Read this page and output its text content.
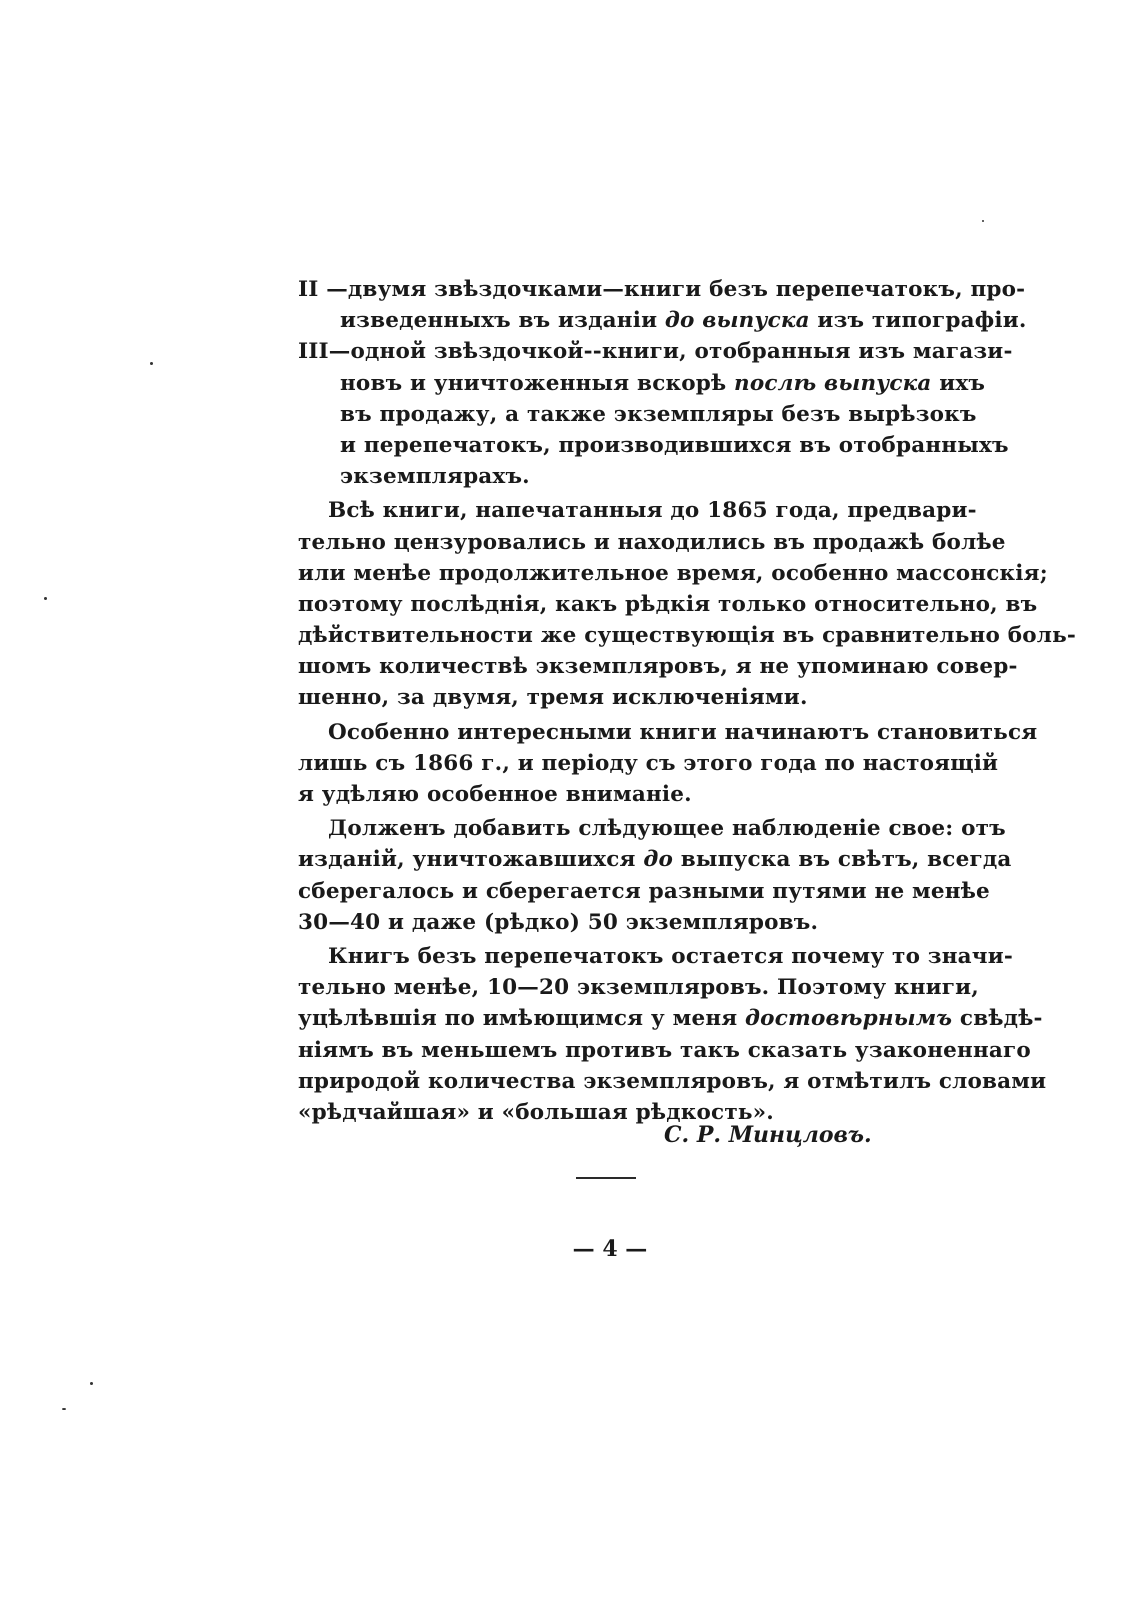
II —двумя звѣздочками—книги безъ перепечатокъ, про-
изведенныхъ въ изданіи до выпуска изъ типографіи.
III—одной звѣздочкой--книги, отобранныя изъ магази-
новъ и уничтоженныя вскорѣ послѣ выпуска ихъ
въ продажу, а также экземпляры безъ вырѣзокъ
и перепечатокъ, производившихся въ отобранныхъ
экземплярахъ.
Всѣ книги, напечатанныя до 1865 года, предвари-
тельно цензуровались и находились въ продажѣ болѣе
или менѣе продолжительное время, особенно массонскія;
поэтому послѣднія, какъ рѣдкія только относительно, въ
дѣйствительности же существующія въ сравнительно боль-
шомъ количествѣ экземпляровъ, я не упоминаю совер-
шенно, за двумя, тремя исключеніями.
Особенно интересными книги начинаютъ становиться
лишь съ 1866 г., и періоду съ этого года по настоящій
я удѣляю особенное вниманіе.
Долженъ добавить слѣдующее наблюденіе свое: отъ
изданій, уничтожавшихся до выпуска въ свѣтъ, всегда
сберегалось и сберегается разными путями не менѣе
30—40 и даже (рѣдко) 50 экземпляровъ.
Книгъ безъ перепечатокъ остается почему то значи-
тельно менѣе, 10—20 экземпляровъ. Поэтому книги,
уцѣлѣвшія по имѣющимся у меня достовѣрнымъ свѣдѣ-
ніямъ въ меньшемъ противъ такъ сказать узаконеннаго
природой количества экземпляровъ, я отмѣтилъ словами
«рѣдчайшая» и «большая рѣдкость».
С. Р. Минцловъ.
— 4 —
